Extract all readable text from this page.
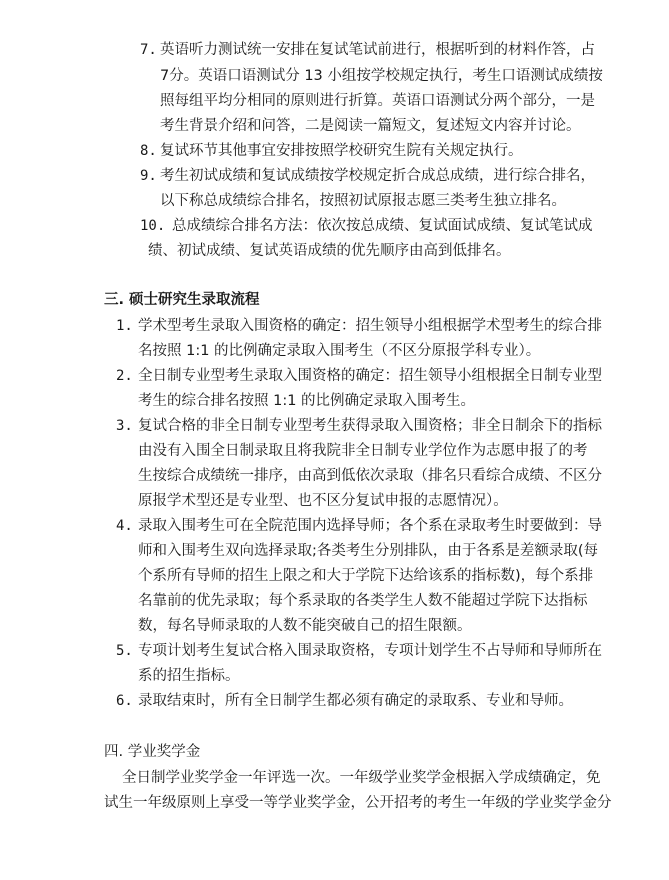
7. 英语听力测试统一安排在复试笔试前进行，根据听到的材料作答，占
7分。英语口语测试分 13 小组按学校规定执行，考生口语测试成绩按
照每组平均分相同的原则进行折算。英语口语测试分两个部分，一是
考生背景介绍和问答，二是阅读一篇短文，复述短文内容并讨论。
8. 复试环节其他事宜安排按照学校研究生院有关规定执行。
9. 考生初试成绩和复试成绩按学校规定折合成总成绩，进行综合排名，
以下称总成绩综合排名，按照初试原报志愿三类考生独立排名。
10. 总成绩综合排名方法：依次按总成绩、复试面试成绩、复试笔试成
绩、初试成绩、复试英语成绩的优先顺序由高到低排名。
三. 硕士研究生录取流程
1. 学术型考生录取入围资格的确定：招生领导小组根据学术型考生的综合排
名按照 1:1 的比例确定录取入围考生（不区分原报学科专业）。
2. 全日制专业型考生录取入围资格的确定：招生领导小组根据全日制专业型
考生的综合排名按照 1:1 的比例确定录取入围考生。
3. 复试合格的非全日制专业型考生获得录取入围资格；非全日制余下的指标
由没有入围全日制录取且将我院非全日制专业学位作为志愿申报了的考
生按综合成绩统一排序，由高到低依次录取（排名只看综合成绩、不区分
原报学术型还是专业型、也不区分复试申报的志愿情况）。
4. 录取入围考生可在全院范围内选择导师；各个系在录取考生时要做到：导
师和入围考生双向选择录取;各类考生分别排队，由于各系是差额录取(每
个系所有导师的招生上限之和大于学院下达给该系的指标数)，每个系排
名靠前的优先录取；每个系录取的各类学生人数不能超过学院下达指标
数，每名导师录取的人数不能突破自己的招生限额。
5. 专项计划考生复试合格入围录取资格，专项计划学生不占导师和导师所在
系的招生指标。
6. 录取结束时，所有全日制学生都必须有确定的录取系、专业和导师。
四. 学业奖学金
全日制学业奖学金一年评选一次。一年级学业奖学金根据入学成绩确定，免
试生一年级原则上享受一等学业奖学金，公开招考的考生一年级的学业奖学金分
